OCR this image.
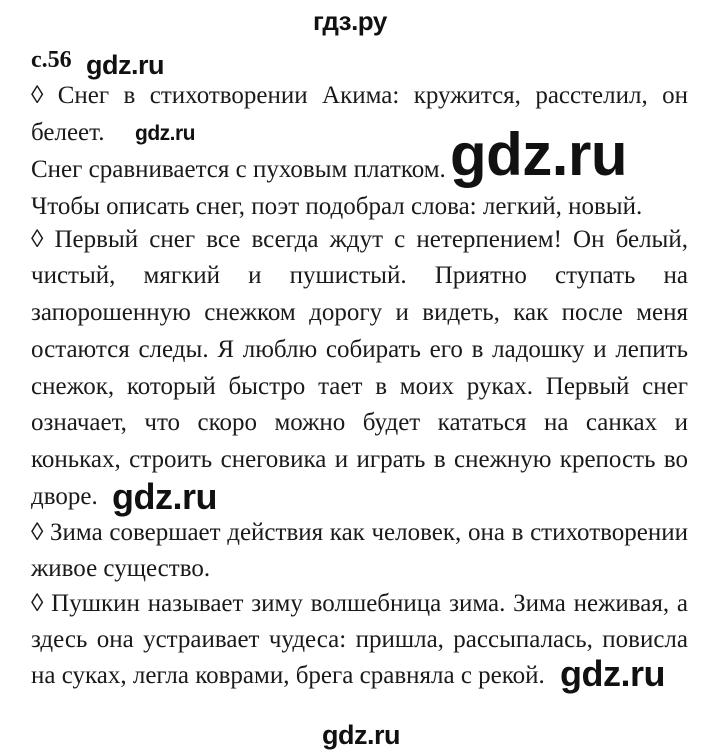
гдз.ру
с.56
◊ Снег в стихотворении Акима: кружится, расстелил, он
белеет.
Снег сравнивается с пуховым платком.
Чтобы описать снег, поэт подобрал слова: легкий, новый.
◊ Первый снег все всегда ждут с нетерпением! Он белый,
чистый, мягкий и пушистый. Приятно ступать на
запорошенную снежком дорогу и видеть, как после меня
остаются следы. Я люблю собирать его в ладошку и лепить
снежок, который быстро тает в моих руках. Первый снег
означает, что скоро можно будет кататься на санках и
коньках, строить снеговика и играть в снежную крепость во
дворе.
◊ Зима совершает действия как человек, она в стихотворении
живое существо.
◊ Пушкин называет зиму волшебница зима. Зима неживая, а
здесь она устраивает чудеса: пришла, рассыпалась, повисла
на суках, легла коврами, брега сравняла с рекой.
gdz.ru
gdz.ru
gdz.ru
gdz.ru
gdz.ru
gdz.ru
